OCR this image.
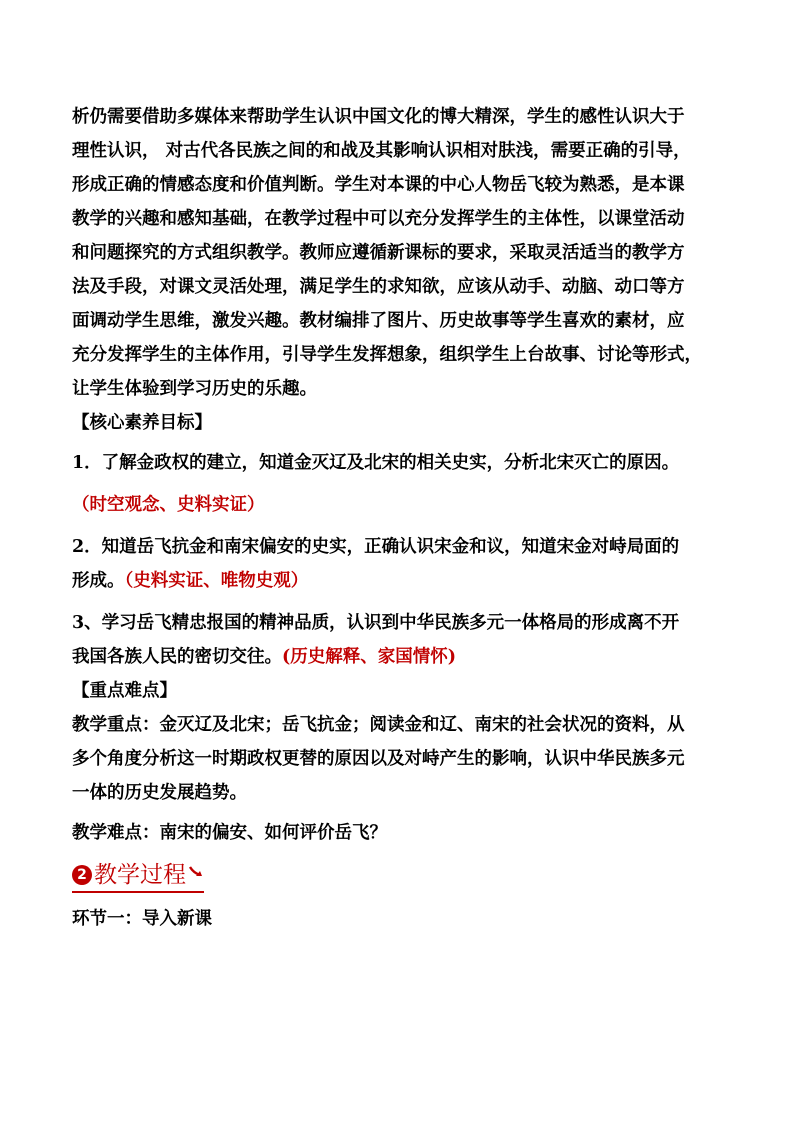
析仍需要借助多媒体来帮助学生认识中国文化的博大精深，学生的感性认识大于
理性认识， 对古代各民族之间的和战及其影响认识相对肤浅，需要正确的引导，
形成正确的情感态度和价值判断。学生对本课的中心人物岳飞较为熟悉，是本课
教学的兴趣和感知基础，在教学过程中可以充分发挥学生的主体性，以课堂活动
和问题探究的方式组织教学。教师应遵循新课标的要求，采取灵活适当的教学方
法及手段，对课文灵活处理，满足学生的求知欲，应该从动手、动脑、动口等方
面调动学生思维，激发兴趣。教材编排了图片、历史故事等学生喜欢的素材，应
充分发挥学生的主体作用，引导学生发挥想象，组织学生上台故事、讨论等形式，
让学生体验到学习历史的乐趣。
【核心素养目标】
1．了解金政权的建立，知道金灭辽及北宋的相关史实，分析北宋灭亡的原因。
（时空观念、史料实证）
2．知道岳飞抗金和南宋偏安的史实，正确认识宋金和议，知道宋金对峙局面的
形成。（史料实证、唯物史观）
3、学习岳飞精忠报国的精神品质，认识到中华民族多元一体格局的形成离不开
我国各族人民的密切交往。(历史解释、家国情怀)
【重点难点】
教学重点：金灭辽及北宋；岳飞抗金；阅读金和辽、南宋的社会状况的资料，从
多个角度分析这一时期政权更替的原因以及对峙产生的影响，认识中华民族多元
一体的历史发展趋势。
教学难点：南宋的偏安、如何评价岳飞？
2 教学过程
环节一：导入新课
